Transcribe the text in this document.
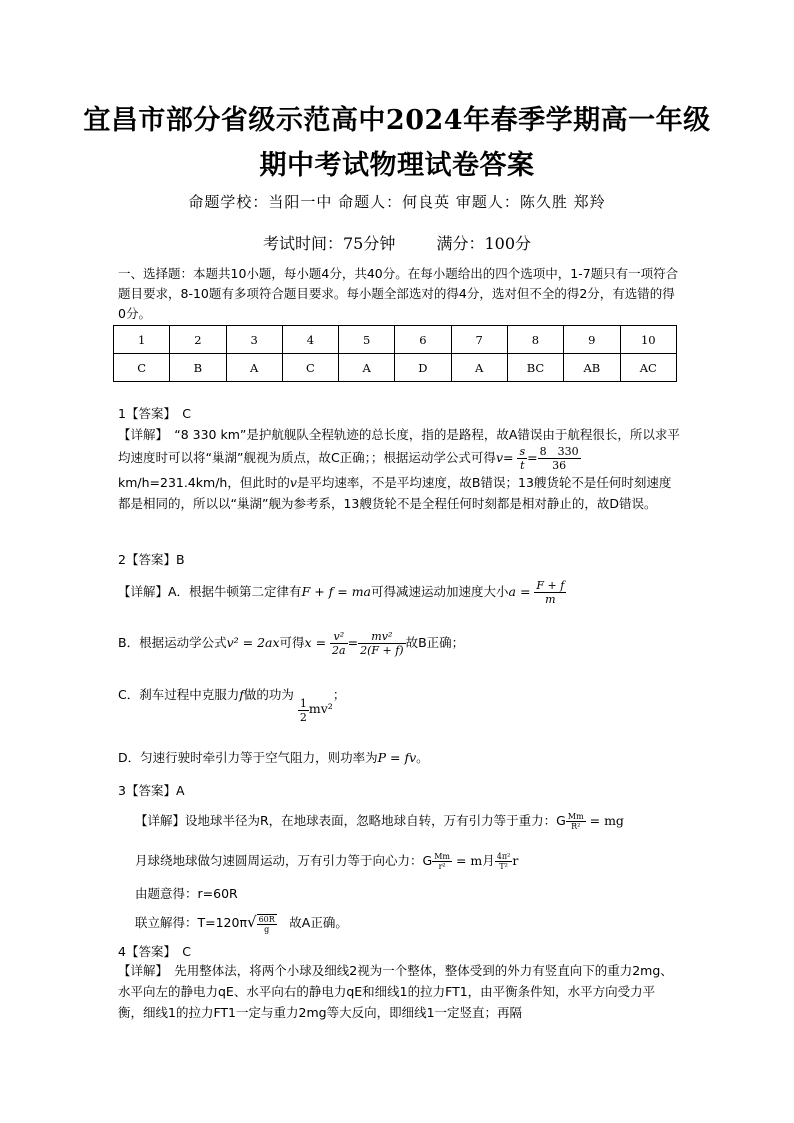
宜昌市部分省级示范高中2024年春季学期高一年级
期中考试物理试卷答案
命题学校：当阳一中 命题人：何良英 审题人：陈久胜 郑羚
考试时间：75分钟	满分：100分
一、选择题：本题共10小题，每小题4分，共40分。在每小题给出的四个选项中，1-7题只有一项符合题目要求，8-10题有多项符合题目要求。每小题全部选对的得4分，选对但不全的得2分，有选错的得0分。
1	2	3	4	5	6	7	8	9	10
C	B	A	C	A	D	A	BC	AB	AC
1【答案】　C
【详解】　“8 330 km”是护航舰队全程轨迹的总长度，指的是路程，故A错误由于航程很长，所以求平均速度时可以将“巢湖”舰视为质点，故C正确；；根据运动学公式可得$v= \frac{s}{t} = \frac{8 330}{36}$
km/h=231.4km/h，但此时的v是平均速率，不是平均速度，故B错误；13艘货轮不是任何时刻速度都是相同的，所以以“巢湖”舰为参考系，13艘货轮不是全程任何时刻都是相对静止的，故D错误。
2【答案】B
【详解】A．根据牛顿第二定律有F + f = ma可得减速运动加速度大小$a = \frac{F + f}{m}$
B．根据运动学公式v² = 2ax可得$x = \frac{\text{v²}}{2a} = \frac{\text{mv²}}{2(F + f)}$ 故B正确；
C．刹车过程中克服力f做的功为
$\frac{1}{2} mv^2$；
D．匀速行驶时牵引力等于空气阻力，则功率为P = fv。
3【答案】A
【详解】设地球半径为R，在地球表面，忽略地球自转，万有引力等于重力：G $\frac{Mm}{\text{R²}}$ = mg
月球绕地球做匀速圆周运动，万有引力等于向心力：G $\frac{Mm}{\text{r²}} = m$月 $\frac{\text{4π²}}{\text{T²}}$ r
由题意得：r=60R
联立解得：$T=120\pi√ \frac{60R}{g}$ 　故A正确。
4【答案】　C
【详解】　先用整体法，将两个小球及细线2视为一个整体，整体受到的外力有竖直向下的重力2mg、水平向左的静电力qE、水平向右的静电力qE和细线1的拉力FT1，由平衡条件知，水平方向受力平衡，细线1的拉力FT1一定与重力2mg等大反向，即细线1一定竖直；再隔
